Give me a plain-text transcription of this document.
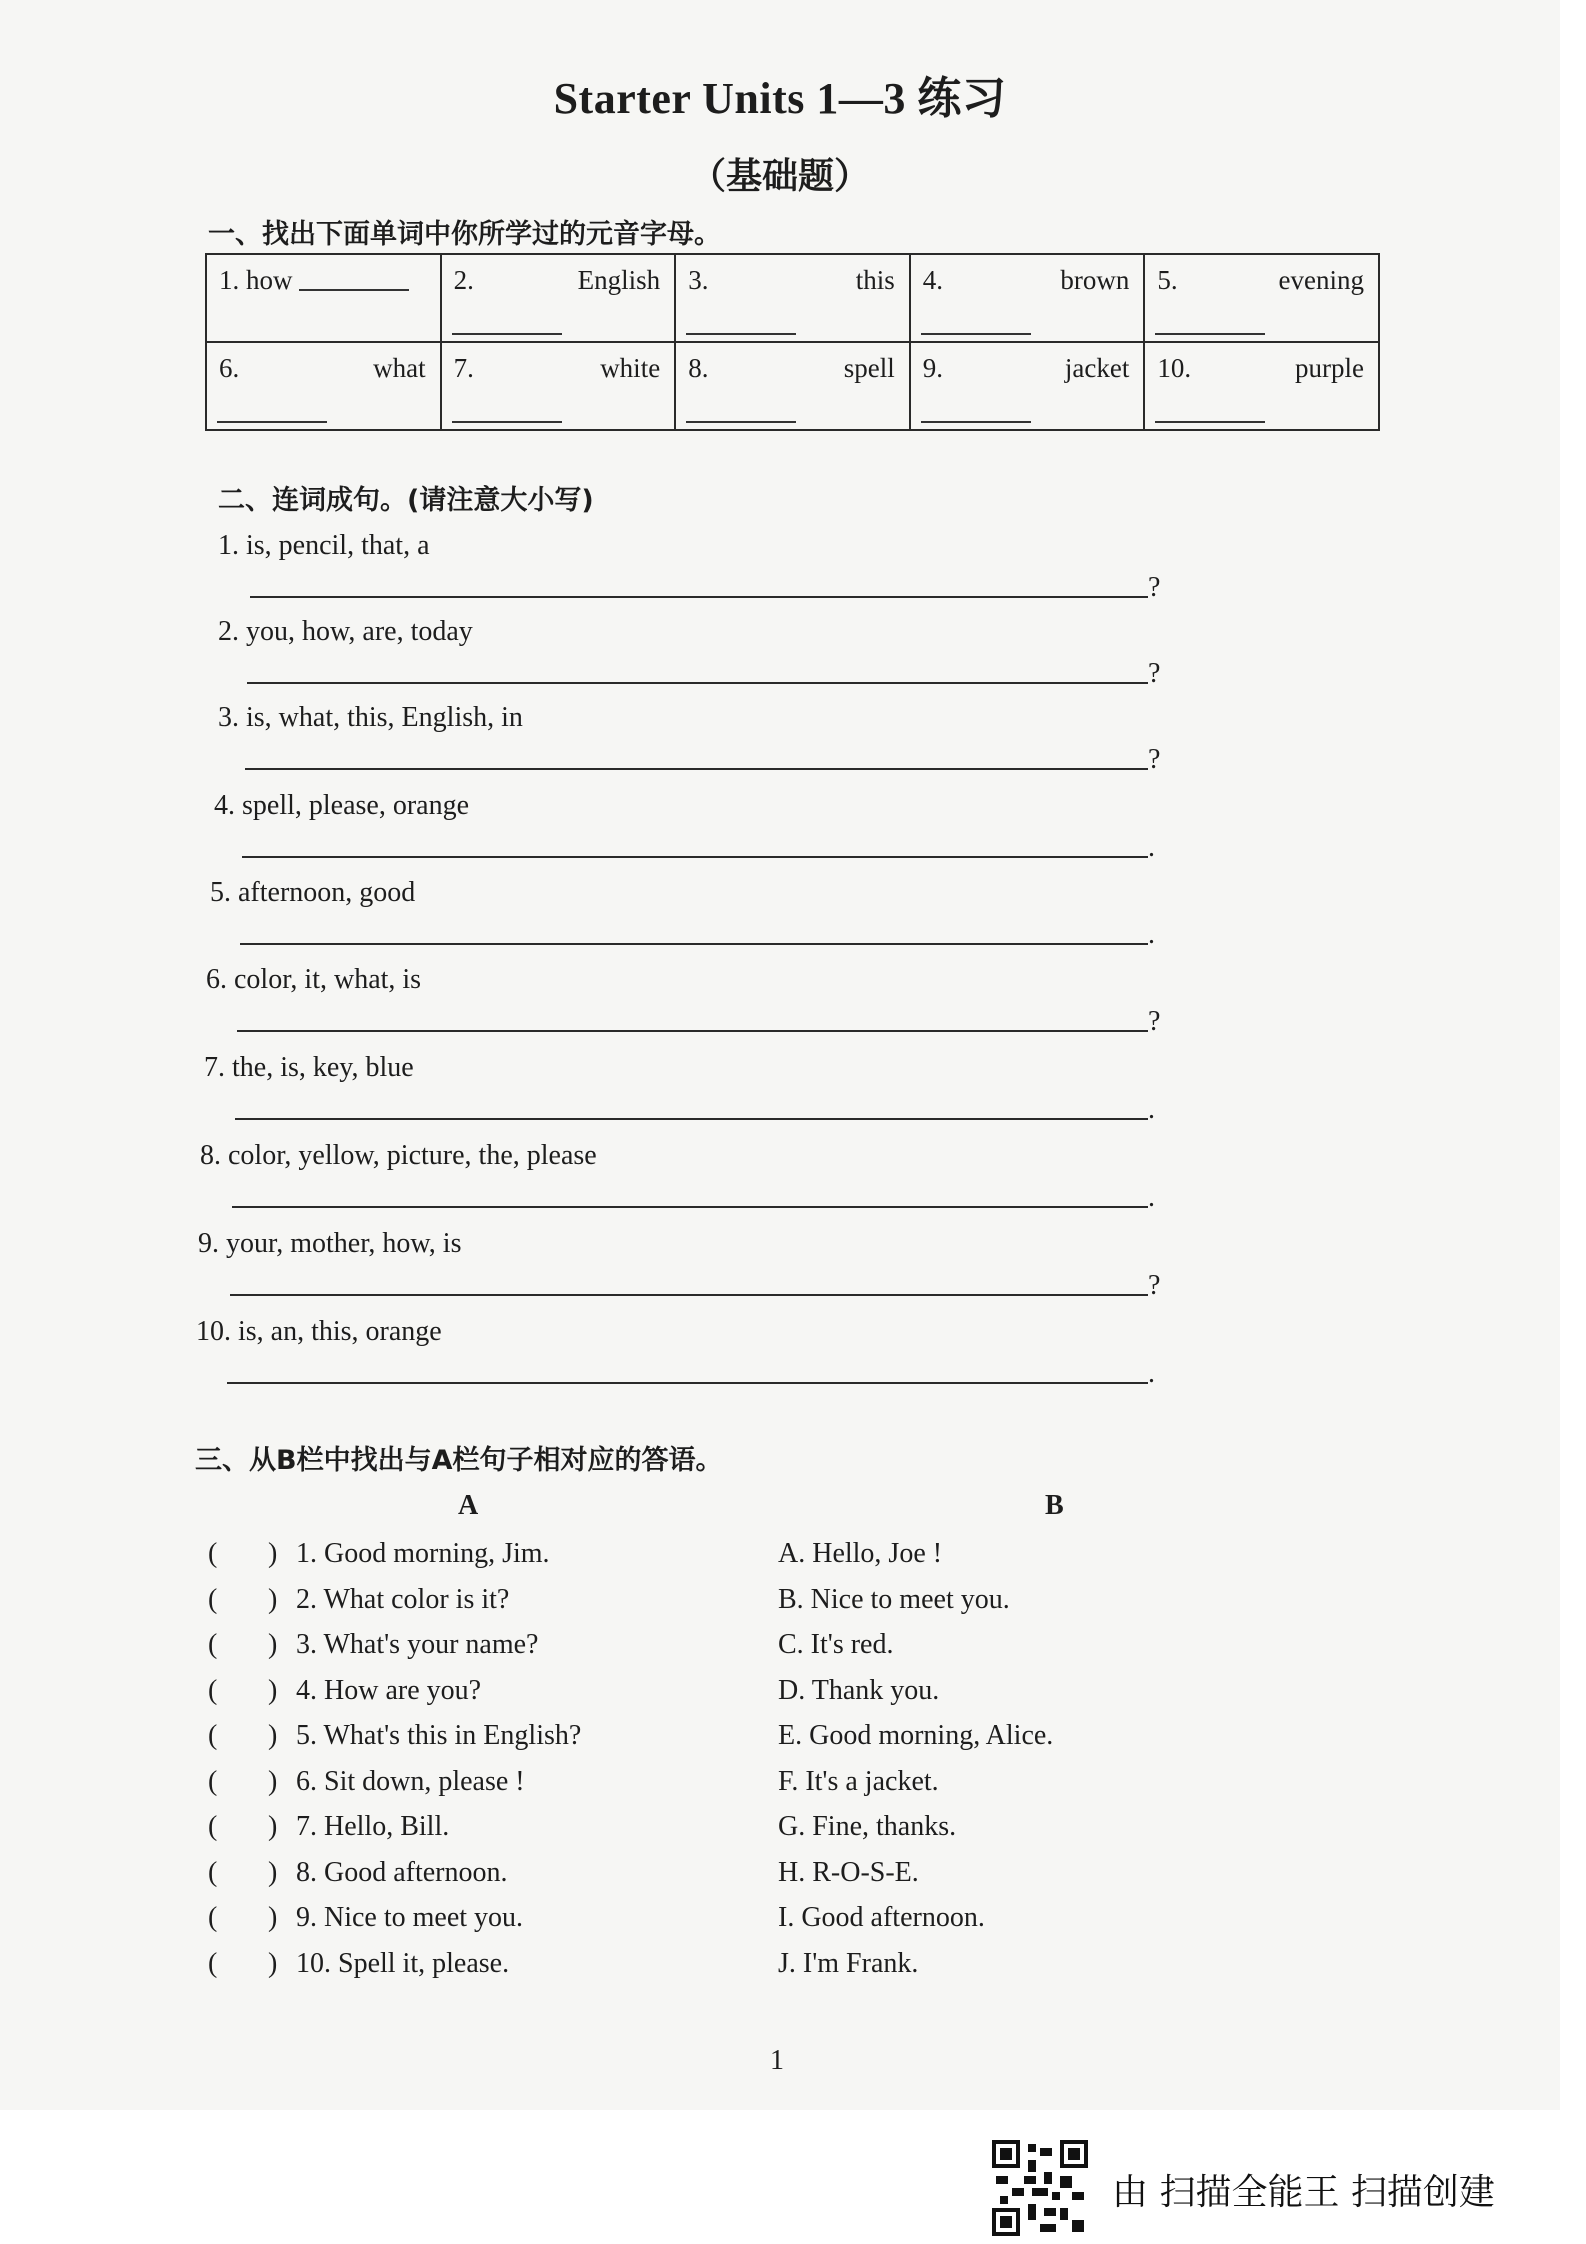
Starter Units 1—3 练习
（基础题）
一、找出下面单词中你所学过的元音字母。
1. how	2. English	3. this	4. brown	5. evening

6. what	7. white	8. spell	9. jacket	10. purple
二、连词成句。(请注意大小写)
1. is, pencil, that, a
?
2. you, how, are, today
?
3. is, what, this, English, in
?
4. spell, please, orange
.
5. afternoon, good
.
6. color, it, what, is
?
7. the, is, key, blue
.
8. color, yellow, picture, the, please
.
9. your, mother, how, is
?
10. is, an, this, orange
.
三、从B栏中找出与A栏句子相对应的答语。
A	B
( ) 1. Good morning, Jim.	A. Hello, Joe !
( ) 2. What color is it?	B. Nice to meet you.
( ) 3. What's your name?	C. It's red.
( ) 4. How are you?	D. Thank you.
( ) 5. What's this in English?	E. Good morning, Alice.
( ) 6. Sit down, please !	F. It's a jacket.
( ) 7. Hello, Bill.	G. Fine, thanks.
( ) 8. Good afternoon.	H. R-O-S-E.
( ) 9. Nice to meet you.	I. Good afternoon.
( ) 10. Spell it, please.	J. I'm Frank.
1
由 扫描全能王 扫描创建
